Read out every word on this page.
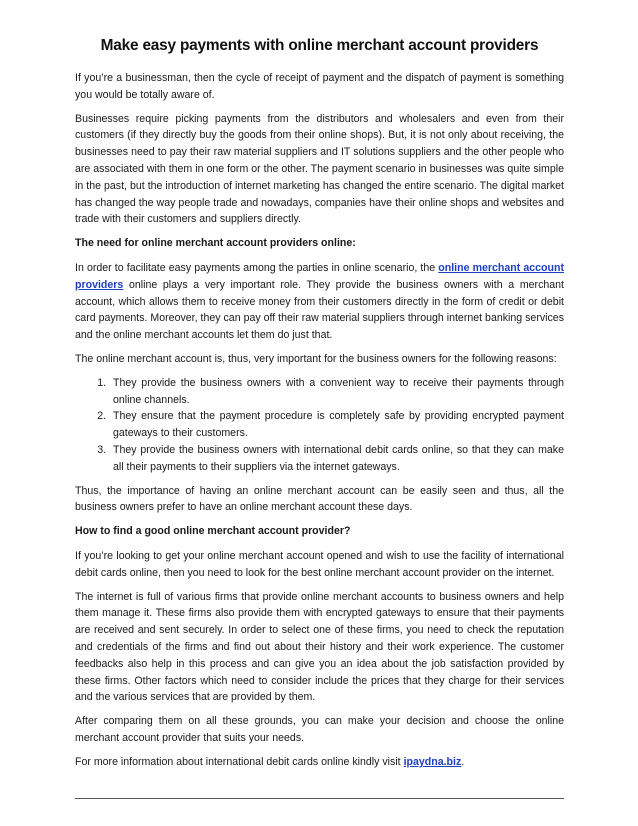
Make easy payments with online merchant account providers

If you’re a businessman, then the cycle of receipt of payment and the dispatch of payment is something you would be totally aware of.

Businesses require picking payments from the distributors and wholesalers and even from their customers (if they directly buy the goods from their online shops). But, it is not only about receiving, the businesses need to pay their raw material suppliers and IT solutions suppliers and the other people who are associated with them in one form or the other. The payment scenario in businesses was quite simple in the past, but the introduction of internet marketing has changed the entire scenario. The digital market has changed the way people trade and nowadays, companies have their online shops and websites and trade with their customers and suppliers directly.

The need for online merchant account providers online:

In order to facilitate easy payments among the parties in online scenario, the online merchant account providers online plays a very important role. They provide the business owners with a merchant account, which allows them to receive money from their customers directly in the form of credit or debit card payments. Moreover, they can pay off their raw material suppliers through internet banking services and the online merchant accounts let them do just that.

The online merchant account is, thus, very important for the business owners for the following reasons:

1. They provide the business owners with a convenient way to receive their payments through online channels.
2. They ensure that the payment procedure is completely safe by providing encrypted payment gateways to their customers.
3. They provide the business owners with international debit cards online, so that they can make all their payments to their suppliers via the internet gateways.

Thus, the importance of having an online merchant account can be easily seen and thus, all the business owners prefer to have an online merchant account these days.

How to find a good online merchant account provider?

If you’re looking to get your online merchant account opened and wish to use the facility of international debit cards online, then you need to look for the best online merchant account provider on the internet.

The internet is full of various firms that provide online merchant accounts to business owners and help them manage it. These firms also provide them with encrypted gateways to ensure that their payments are received and sent securely. In order to select one of these firms, you need to check the reputation and credentials of the firms and find out about their history and their work experience. The customer feedbacks also help in this process and can give you an idea about the job satisfaction provided by these firms. Other factors which need to consider include the prices that they charge for their services and the various services that are provided by them.

After comparing them on all these grounds, you can make your decision and choose the online merchant account provider that suits your needs.

For more information about international debit cards online kindly visit ipaydna.biz.
